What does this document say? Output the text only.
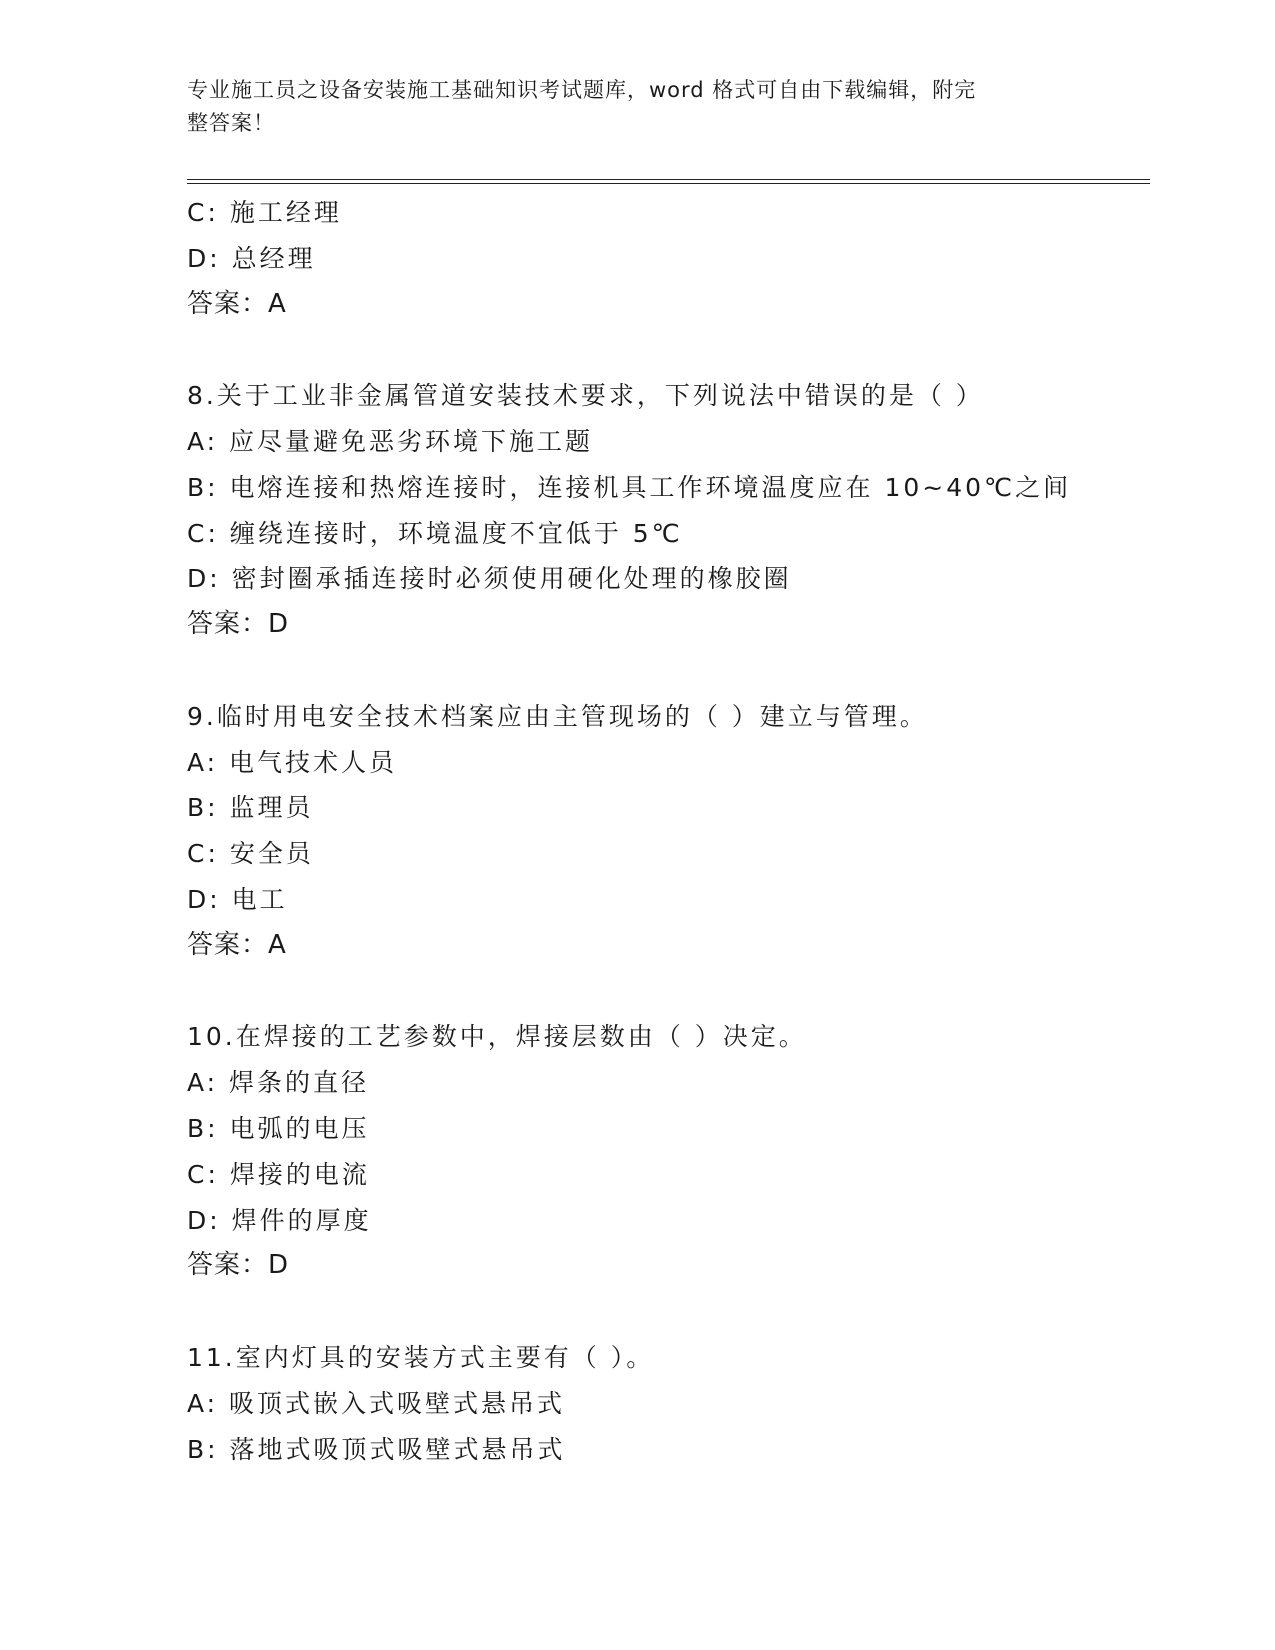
专业施工员之设备安装施工基础知识考试题库，word 格式可自由下载编辑，附完
整答案！
C: 施工经理
D: 总经理
答案：A
8.关于工业非金属管道安装技术要求，下列说法中错误的是（ ）
A: 应尽量避免恶劣环境下施工题
B: 电熔连接和热熔连接时，连接机具工作环境温度应在 10~40℃之间
C: 缠绕连接时，环境温度不宜低于 5℃
D: 密封圈承插连接时必须使用硬化处理的橡胶圈
答案：D
9.临时用电安全技术档案应由主管现场的（ ）建立与管理。
A: 电气技术人员
B: 监理员
C: 安全员
D: 电工
答案：A
10.在焊接的工艺参数中，焊接层数由（ ）决定。
A: 焊条的直径
B: 电弧的电压
C: 焊接的电流
D: 焊件的厚度
答案：D
11.室内灯具的安装方式主要有（ ）。
A: 吸顶式嵌入式吸壁式悬吊式
B: 落地式吸顶式吸壁式悬吊式
